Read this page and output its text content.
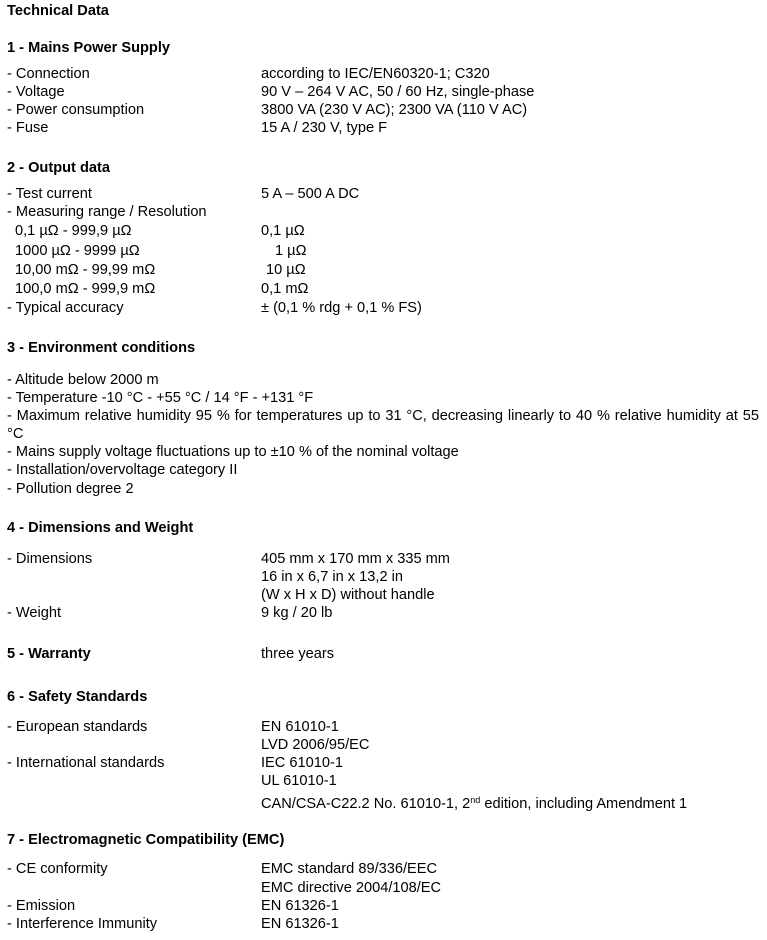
Technical Data
1 - Mains Power Supply
- Connection	according to IEC/EN60320-1; C320
- Voltage	90 V – 264 V AC, 50 / 60 Hz, single-phase
- Power consumption	3800 VA (230 V AC); 2300 VA (110 V AC)
- Fuse	15 A / 230 V, type F
2 - Output data
- Test current	5 A – 500 A DC
- Measuring range / Resolution
0,1 µΩ - 999,9 µΩ	0,1 µΩ
1000 µΩ - 9999 µΩ	1 µΩ
10,00 mΩ - 99,99 mΩ	10 µΩ
100,0 mΩ - 999,9 mΩ	0,1 mΩ
- Typical accuracy	± (0,1 % rdg + 0,1 % FS)
3 - Environment conditions
- Altitude below 2000 m
- Temperature -10 °C - +55 °C / 14 °F - +131 °F
- Maximum relative humidity 95 % for temperatures up to 31 °C, decreasing linearly to 40 % relative humidity at 55 °C
- Mains supply voltage fluctuations up to ±10 % of the nominal voltage
- Installation/overvoltage category II
- Pollution degree 2
4 - Dimensions and Weight
- Dimensions	405 mm x 170 mm x 335 mm
16 in x 6,7 in x 13,2 in
(W x H x D) without handle
- Weight	9 kg / 20 lb
5 - Warranty	three years
6 - Safety Standards
- European standards	EN 61010-1
LVD 2006/95/EC
- International standards	IEC 61010-1
UL 61010-1
CAN/CSA-C22.2 No. 61010-1, 2nd edition, including Amendment 1
7 - Electromagnetic Compatibility (EMC)
- CE conformity	EMC standard 89/336/EEC
EMC directive 2004/108/EC
- Emission	EN 61326-1
- Interference Immunity	EN 61326-1
